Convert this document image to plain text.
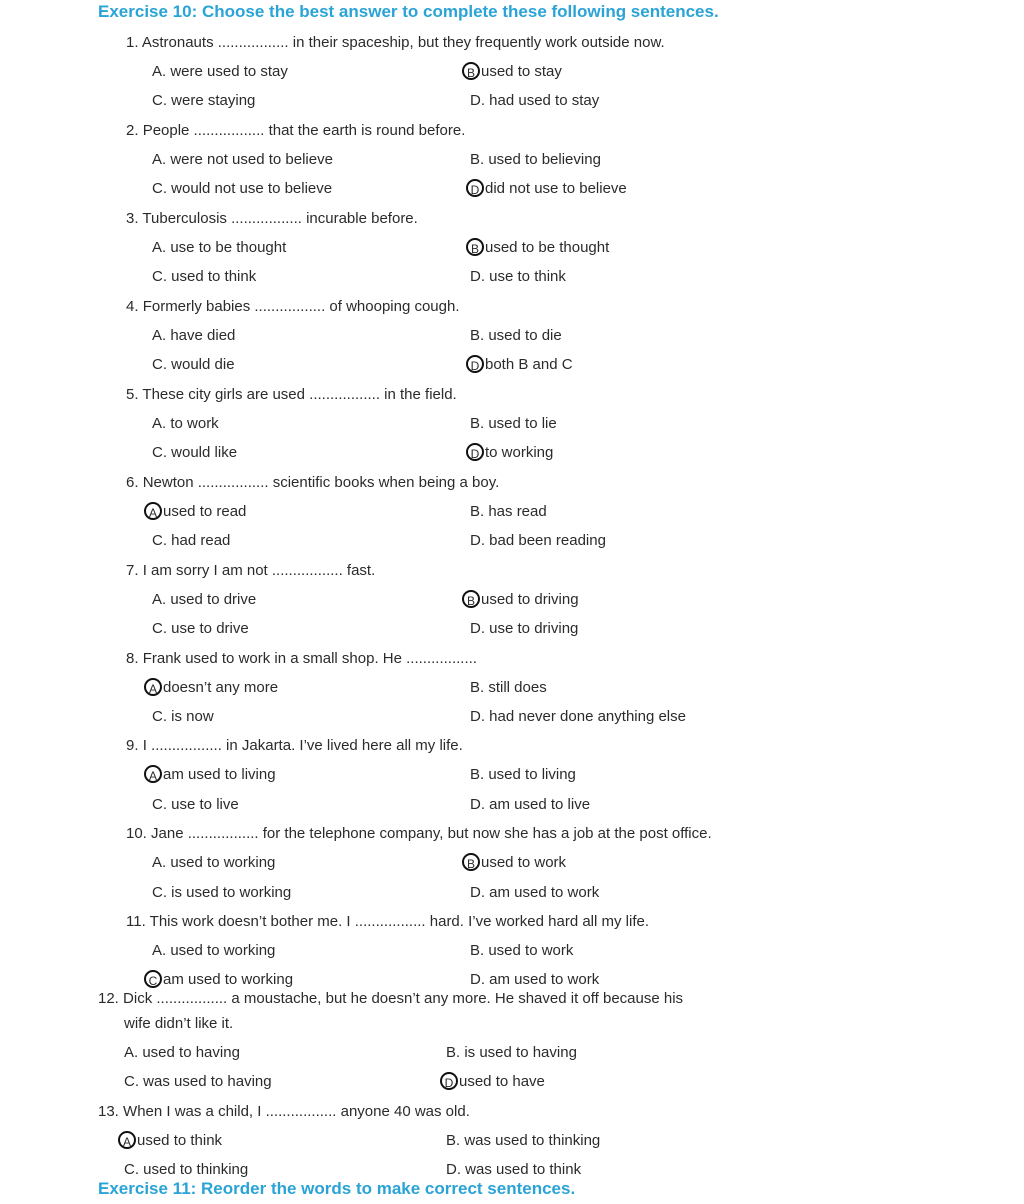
Exercise 10: Choose the best answer to complete these following sentences.
1. Astronauts ................. in their spaceship, but they frequently work outside now.
A. were used to stay	B used to stay
C. were staying	D. had used to stay
2. People ................. that the earth is round before.
A. were not used to believe	B. used to believing
C. would not use to believe	D did not use to believe
3. Tuberculosis ................. incurable before.
A. use to be thought	B used to be thought
C. used to think	D. use to think
4. Formerly babies ................. of whooping cough.
A. have died	B. used to die
C. would die	D both B and C
5. These city girls are used ................. in the field.
A. to work	B. used to lie
C. would like	D to working
6. Newton ................. scientific books when being a boy.
A used to read	B. has read
C. had read	D. bad been reading
7. I am sorry I am not ................. fast.
A. used to drive	B used to driving
C. use to drive	D. use to driving
8. Frank used to work in a small shop. He .................
A doesn’t any more	B. still does
C. is now	D. had never done anything else
9. I ................. in Jakarta. I’ve lived here all my life.
A am used to living	B. used to living
C. use to live	D. am used to live
10. Jane ................. for the telephone company, but now she has a job at the post office.
A. used to working	B used to work
C. is used to working	D. am used to work
11. This work doesn’t bother me. I ................. hard. I’ve worked hard all my life.
A. used to working	B. used to work
C am used to working	D. am used to work
12. Dick ................. a moustache, but he doesn’t any more. He shaved it off because his
wife didn’t like it.
A. used to having	B. is used to having
C. was used to having	D used to have
13. When I was a child, I ................. anyone 40 was old.
A used to think	B. was used to thinking
C. used to thinking	D. was used to think
Exercise 11: Reorder the words to make correct sentences.
